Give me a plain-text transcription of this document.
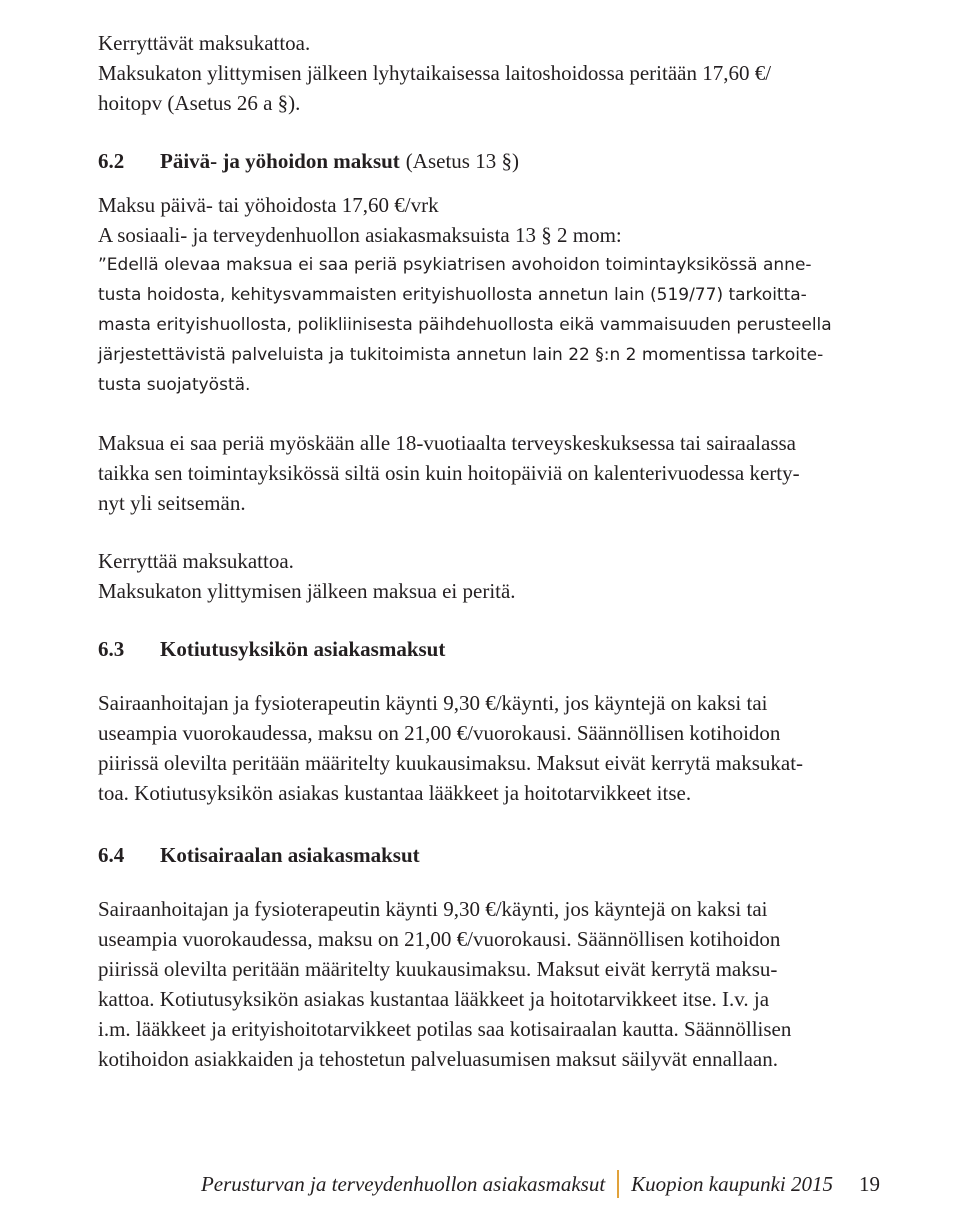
Kerryttävät maksukattoa.
Maksukaton ylittymisen jälkeen lyhytaikaisessa laitoshoidossa peritään 17,60 €/
hoitopv (Asetus 26 a §).
6.2	Päivä- ja yöhoidon maksut (Asetus 13 §)
Maksu päivä- tai yöhoidosta 17,60 €/vrk
A sosiaali- ja terveydenhuollon asiakasmaksuista 13 § 2 mom:
”Edellä olevaa maksua ei saa periä psykiatrisen avohoidon toimintayksikössä anne-
tusta hoidosta, kehitysvammaisten erityishuollosta annetun lain (519/77) tarkoitta-
masta erityishuollosta, polikliinisesta päihdehuollosta eikä vammaisuuden perusteella
järjestettävistä palveluista ja tukitoimista annetun lain 22 §:n 2 momentissa tarkoite-
tusta suojatyöstä.
Maksua ei saa periä myöskään alle 18-vuotiaalta terveyskeskuksessa tai sairaalassa
taikka sen toimintayksikössä siltä osin kuin hoitopäiviä on kalenterivuodessa kerty-
nyt yli seitsemän.
Kerryttää maksukattoa.
Maksukaton ylittymisen jälkeen maksua ei peritä.
6.3	Kotiutusyksikön asiakasmaksut
Sairaanhoitajan ja fysioterapeutin käynti 9,30 €/käynti, jos käyntejä on kaksi tai
useampia vuorokaudessa, maksu on 21,00 €/vuorokausi. Säännöllisen kotihoidon
piirissä olevilta peritään määritelty kuukausimaksu. Maksut eivät kerrytä maksukat-
toa. Kotiutusyksikön asiakas kustantaa lääkkeet ja hoitotarvikkeet itse.
6.4	Kotisairaalan asiakasmaksut
Sairaanhoitajan ja fysioterapeutin käynti 9,30 €/käynti, jos käyntejä on kaksi tai
useampia vuorokaudessa, maksu on 21,00 €/vuorokausi. Säännöllisen kotihoidon
piirissä olevilta peritään määritelty kuukausimaksu. Maksut eivät kerrytä maksu-
kattoa. Kotiutusyksikön asiakas kustantaa lääkkeet ja hoitotarvikkeet itse. I.v. ja
i.m. lääkkeet ja erityishoitotarvikkeet potilas saa kotisairaalan kautta. Säännöllisen
kotihoidon asiakkaiden ja tehostetun palveluasumisen maksut säilyvät ennallaan.
Perusturvan ja terveydenhuollon asiakasmaksut Kuopion kaupunki 2015 19
